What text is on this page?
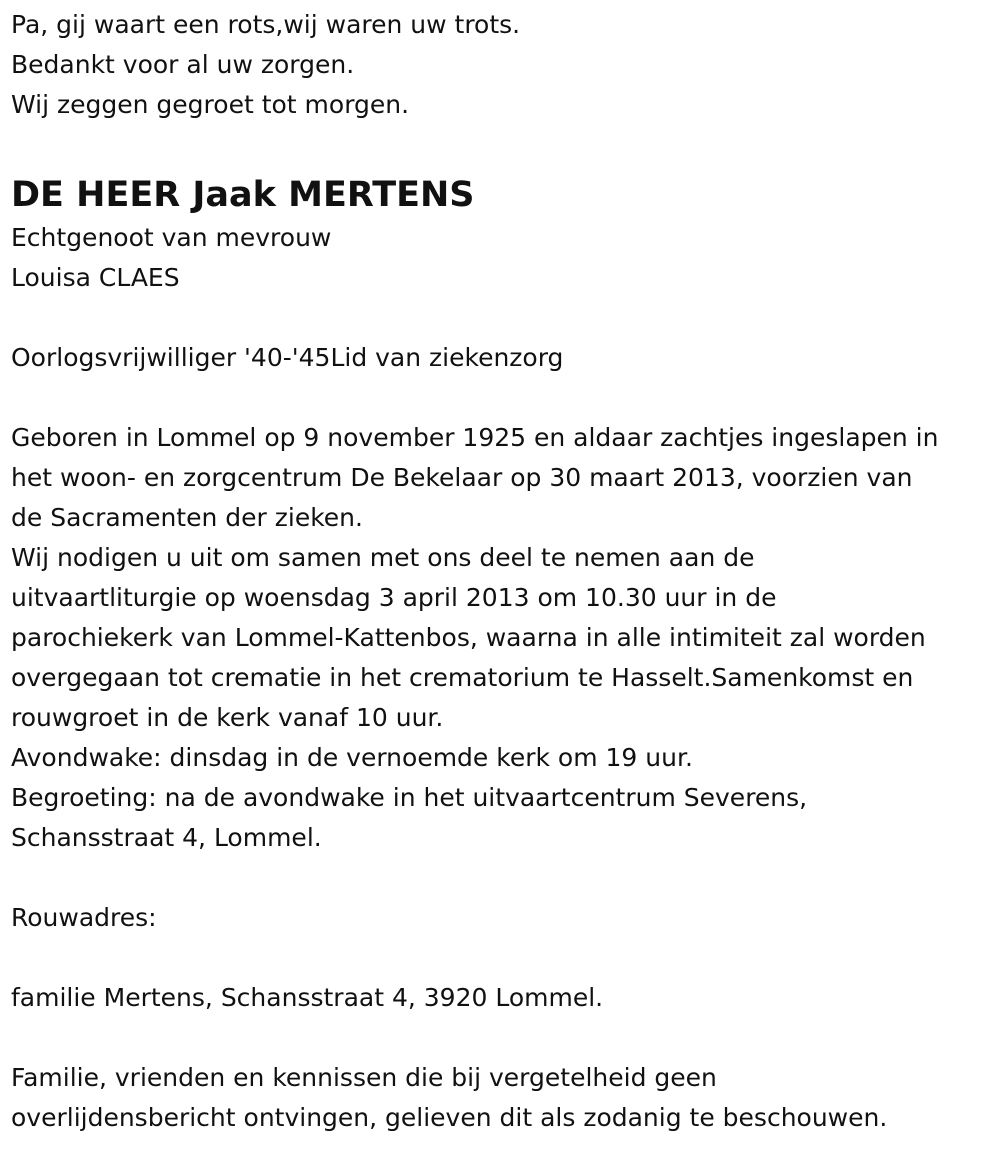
Pa, gij waart een rots,wij waren uw trots.
Bedankt voor al uw zorgen.
Wij zeggen gegroet tot morgen.
DE HEER Jaak MERTENS
Echtgenoot van mevrouw
Louisa CLAES
Oorlogsvrijwilliger '40-'45Lid van ziekenzorg
Geboren in Lommel op 9 november 1925 en aldaar zachtjes ingeslapen in
het woon- en zorgcentrum De Bekelaar op 30 maart 2013, voorzien van
de Sacramenten der zieken.
Wij nodigen u uit om samen met ons deel te nemen aan de
uitvaartliturgie op woensdag 3 april 2013 om 10.30 uur in de
parochiekerk van Lommel-Kattenbos, waarna in alle intimiteit zal worden
overgegaan tot crematie in het crematorium te Hasselt.Samenkomst en
rouwgroet in de kerk vanaf 10 uur.
Avondwake: dinsdag in de vernoemde kerk om 19 uur.
Begroeting: na de avondwake in het uitvaartcentrum Severens,
Schansstraat 4, Lommel.
Rouwadres:
familie Mertens, Schansstraat 4, 3920 Lommel.
Familie, vrienden en kennissen die bij vergetelheid geen
overlijdensbericht ontvingen, gelieven dit als zodanig te beschouwen.
